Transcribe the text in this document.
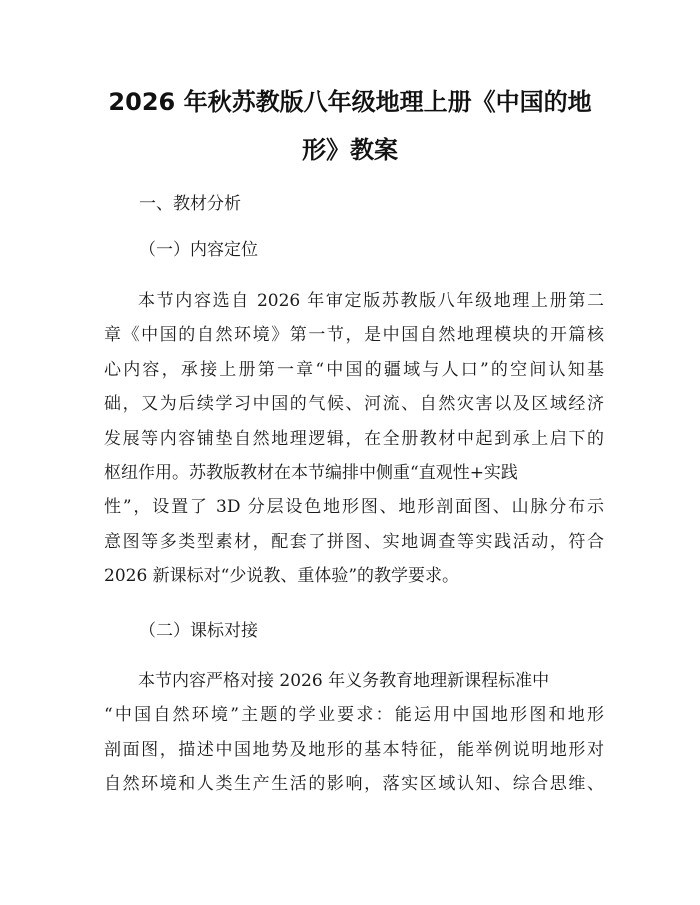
2026 年秋苏教版八年级地理上册《中国的地
形》教案
一、教材分析
（一）内容定位
本节内容选自 2026 年审定版苏教版八年级地理上册第二
章《中国的自然环境》第一节，是中国自然地理模块的开篇核
心内容，承接上册第一章“中国的疆域与人口”的空间认知基
础，又为后续学习中国的气候、河流、自然灾害以及区域经济
发展等内容铺垫自然地理逻辑，在全册教材中起到承上启下的
枢纽作用。苏教版教材在本节编排中侧重“直观性+实践
性”，设置了 3D 分层设色地形图、地形剖面图、山脉分布示
意图等多类型素材，配套了拼图、实地调查等实践活动，符合
2026 新课标对“少说教、重体验”的教学要求。
（二）课标对接
本节内容严格对接 2026 年义务教育地理新课程标准中
“中国自然环境”主题的学业要求：能运用中国地形图和地形
剖面图，描述中国地势及地形的基本特征，能举例说明地形对
自然环境和人类生产生活的影响，落实区域认知、综合思维、
